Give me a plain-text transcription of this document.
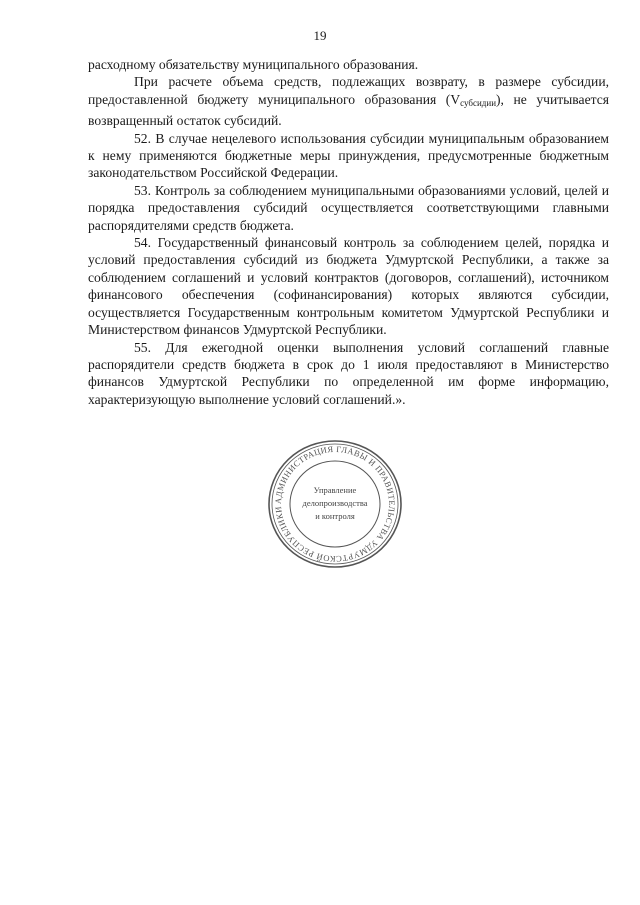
19

расходному обязательству муниципального образования.

При расчете объема средств, подлежащих возврату, в размере субсидии, предоставленной бюджету муниципального образования $(V_{субсидии})$, не учитывается возвращенный остаток субсидий.

52. В случае нецелевого использования субсидии муниципальным образованием к нему применяются бюджетные меры принуждения, предусмотренные бюджетным законодательством Российской Федерации.

53. Контроль за соблюдением муниципальными образованиями условий, целей и порядка предоставления субсидий осуществляется соответствующими главными распорядителями средств бюджета.

54. Государственный финансовый контроль за соблюдением целей, порядка и условий предоставления субсидий из бюджета Удмуртской Республики, а также за соблюдением соглашений и условий контрактов (договоров, соглашений), источником финансового обеспечения (софинансирования) которых являются субсидии, осуществляется Государственным контрольным комитетом Удмуртской Республики и Министерством финансов Удмуртской Республики.

55. Для ежегодной оценки выполнения условий соглашений главные распорядители средств бюджета в срок до 1 июля предоставляют в Министерство финансов Удмуртской Республики по определенной им форме информацию, характеризующую выполнение условий соглашений.».

АДМИНИСТРАЦИЯ ГЛАВЫ И ПРАВИТЕЛЬСТВА УДМУРТСКОЙ РЕСПУБЛИКИ
Управление
делопроизводства
и контроля
